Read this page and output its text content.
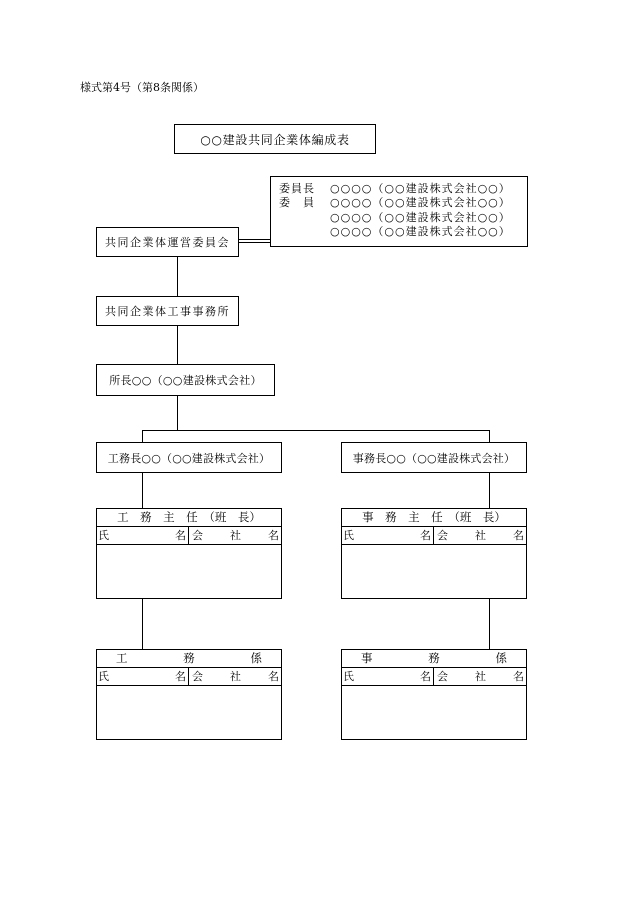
様式第4号（第8条関係）
○○建設共同企業体編成表
委員長	○○○○（○○建設株式会社○○）
委　員	○○○○（○○建設株式会社○○）
○○○○（○○建設株式会社○○）
○○○○（○○建設株式会社○○）
共同企業体運営委員会
共同企業体工事事務所
所長○○（○○建設株式会社）
工務長○○（○○建設株式会社）	事務長○○（○○建設株式会社）
工　務　主　任　（班　長）
氏	名 会 社 名
事　務　主　任　（班　長）
氏	名 会 社 名
工	務	係
氏	名 会 社 名
事	務	係
氏	名 会 社 名
